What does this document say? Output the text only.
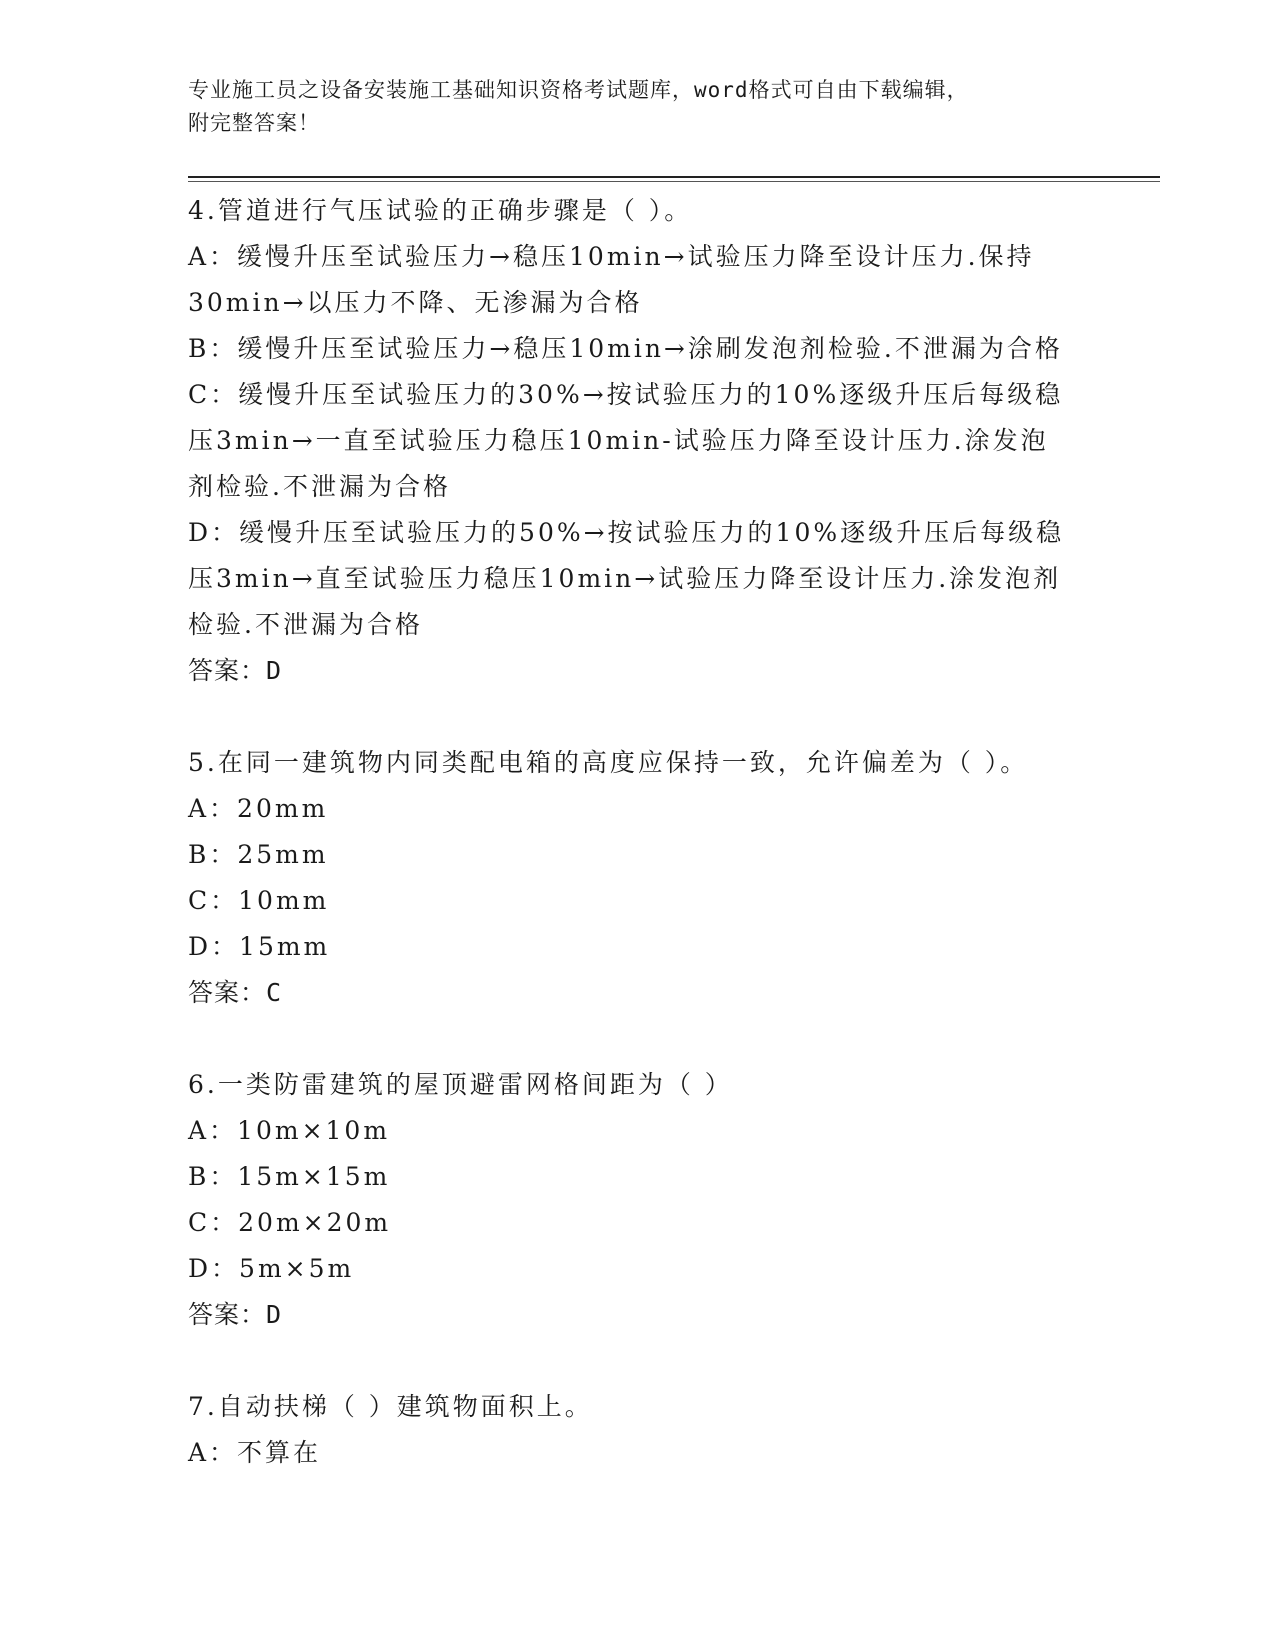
专业施工员之设备安装施工基础知识资格考试题库，word格式可自由下载编辑，
附完整答案！
4.管道进行气压试验的正确步骤是（ ）。
A：缓慢升压至试验压力→稳压10min→试验压力降至设计压力.保持
30min→以压力不降、无渗漏为合格
B：缓慢升压至试验压力→稳压10min→涂刷发泡剂检验.不泄漏为合格
C：缓慢升压至试验压力的30%→按试验压力的10%逐级升压后每级稳
压3min→一直至试验压力稳压10min-试验压力降至设计压力.涂发泡
剂检验.不泄漏为合格
D：缓慢升压至试验压力的50%→按试验压力的10%逐级升压后每级稳
压3min→直至试验压力稳压10min→试验压力降至设计压力.涂发泡剂
检验.不泄漏为合格
答案：D
5.在同一建筑物内同类配电箱的高度应保持一致，允许偏差为（ ）。
A：20mm
B：25mm
C：10mm
D：15mm
答案：C
6.一类防雷建筑的屋顶避雷网格间距为（ ）
A：10m×10m
B：15m×15m
C：20m×20m
D：5m×5m
答案：D
7.自动扶梯（ ）建筑物面积上。
A：不算在
